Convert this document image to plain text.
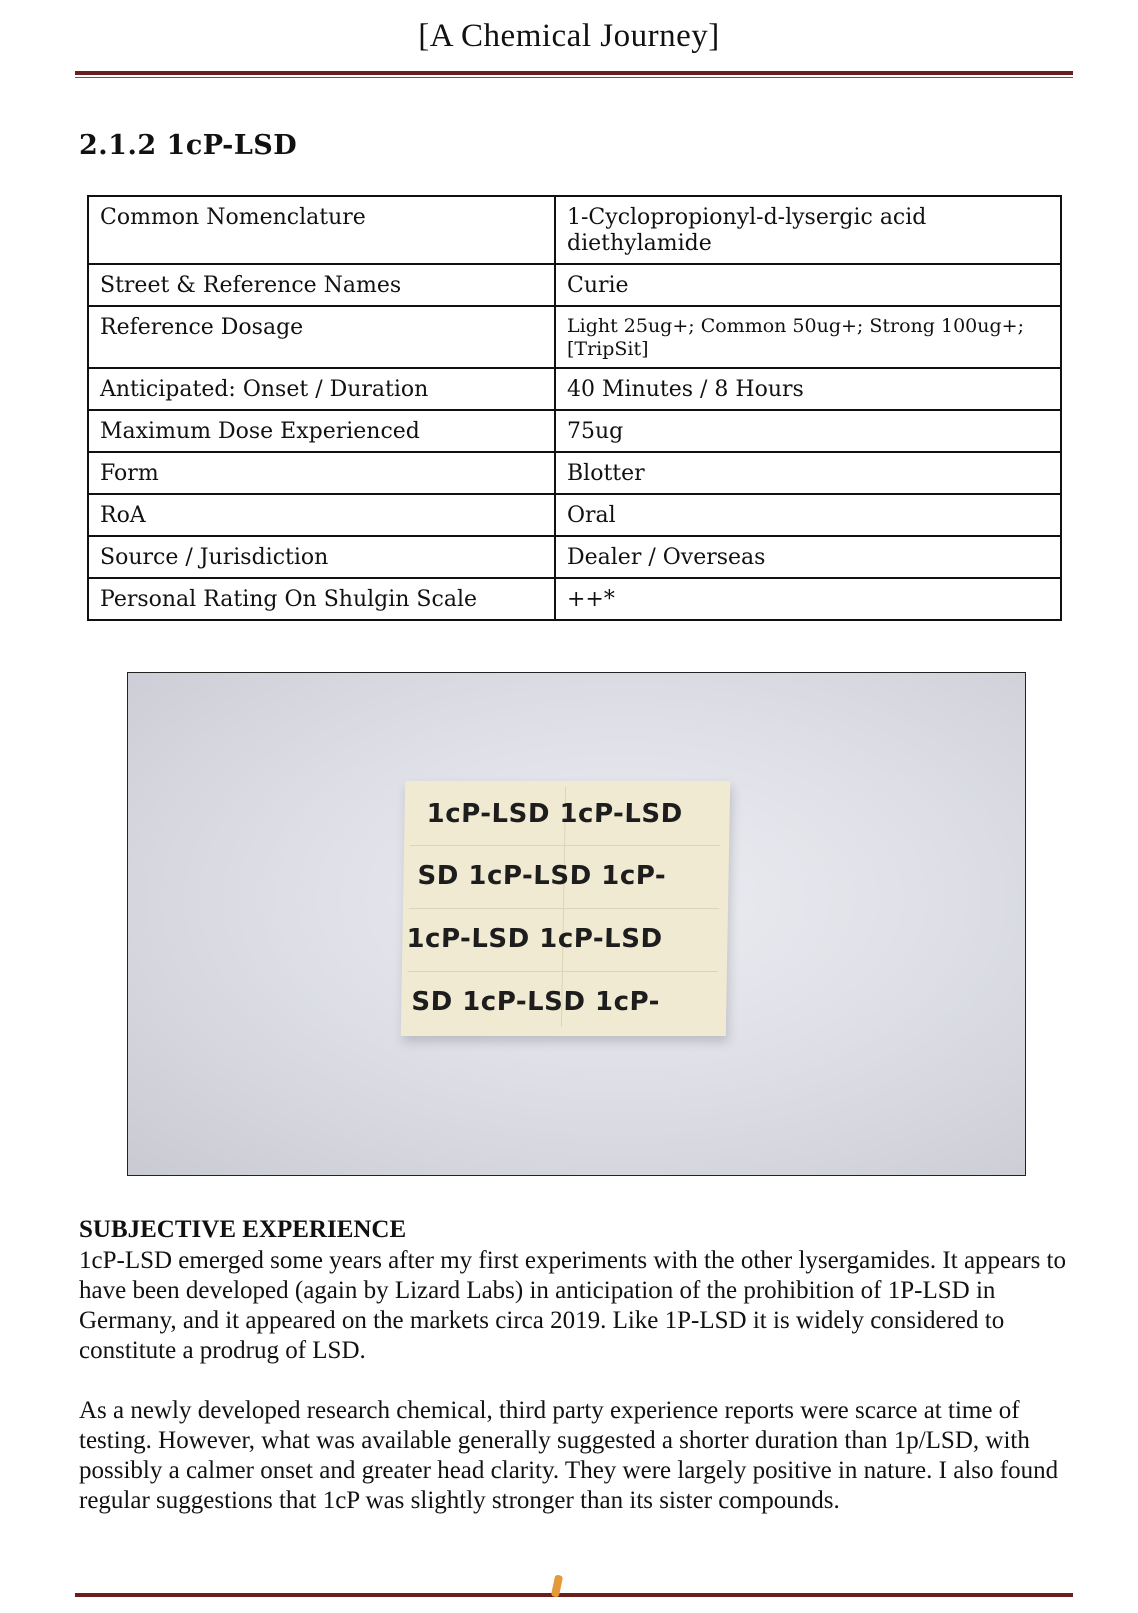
[A Chemical Journey]
2.1.2 1cP-LSD
Common Nomenclature	1-Cyclopropionyl-d-lysergic acid diethylamide
Street & Reference Names	Curie
Reference Dosage	Light 25ug+; Common 50ug+; Strong 100ug+; [TripSit]
Anticipated: Onset / Duration	40 Minutes / 8 Hours
Maximum Dose Experienced	75ug
Form	Blotter
RoA	Oral
Source / Jurisdiction	Dealer / Overseas
Personal Rating On Shulgin Scale	++*
1cP-LSD 1cP-LSD
SD 1cP-LSD 1cP-
1cP-LSD 1cP-LSD
SD 1cP-LSD 1cP-
SUBJECTIVE EXPERIENCE
1cP-LSD emerged some years after my first experiments with the other lysergamides. It appears to have been developed (again by Lizard Labs) in anticipation of the prohibition of 1P-LSD in Germany, and it appeared on the markets circa 2019. Like 1P-LSD it is widely considered to constitute a prodrug of LSD.
As a newly developed research chemical, third party experience reports were scarce at time of testing. However, what was available generally suggested a shorter duration than 1p/LSD, with possibly a calmer onset and greater head clarity. They were largely positive in nature. I also found regular suggestions that 1cP was slightly stronger than its sister compounds.
